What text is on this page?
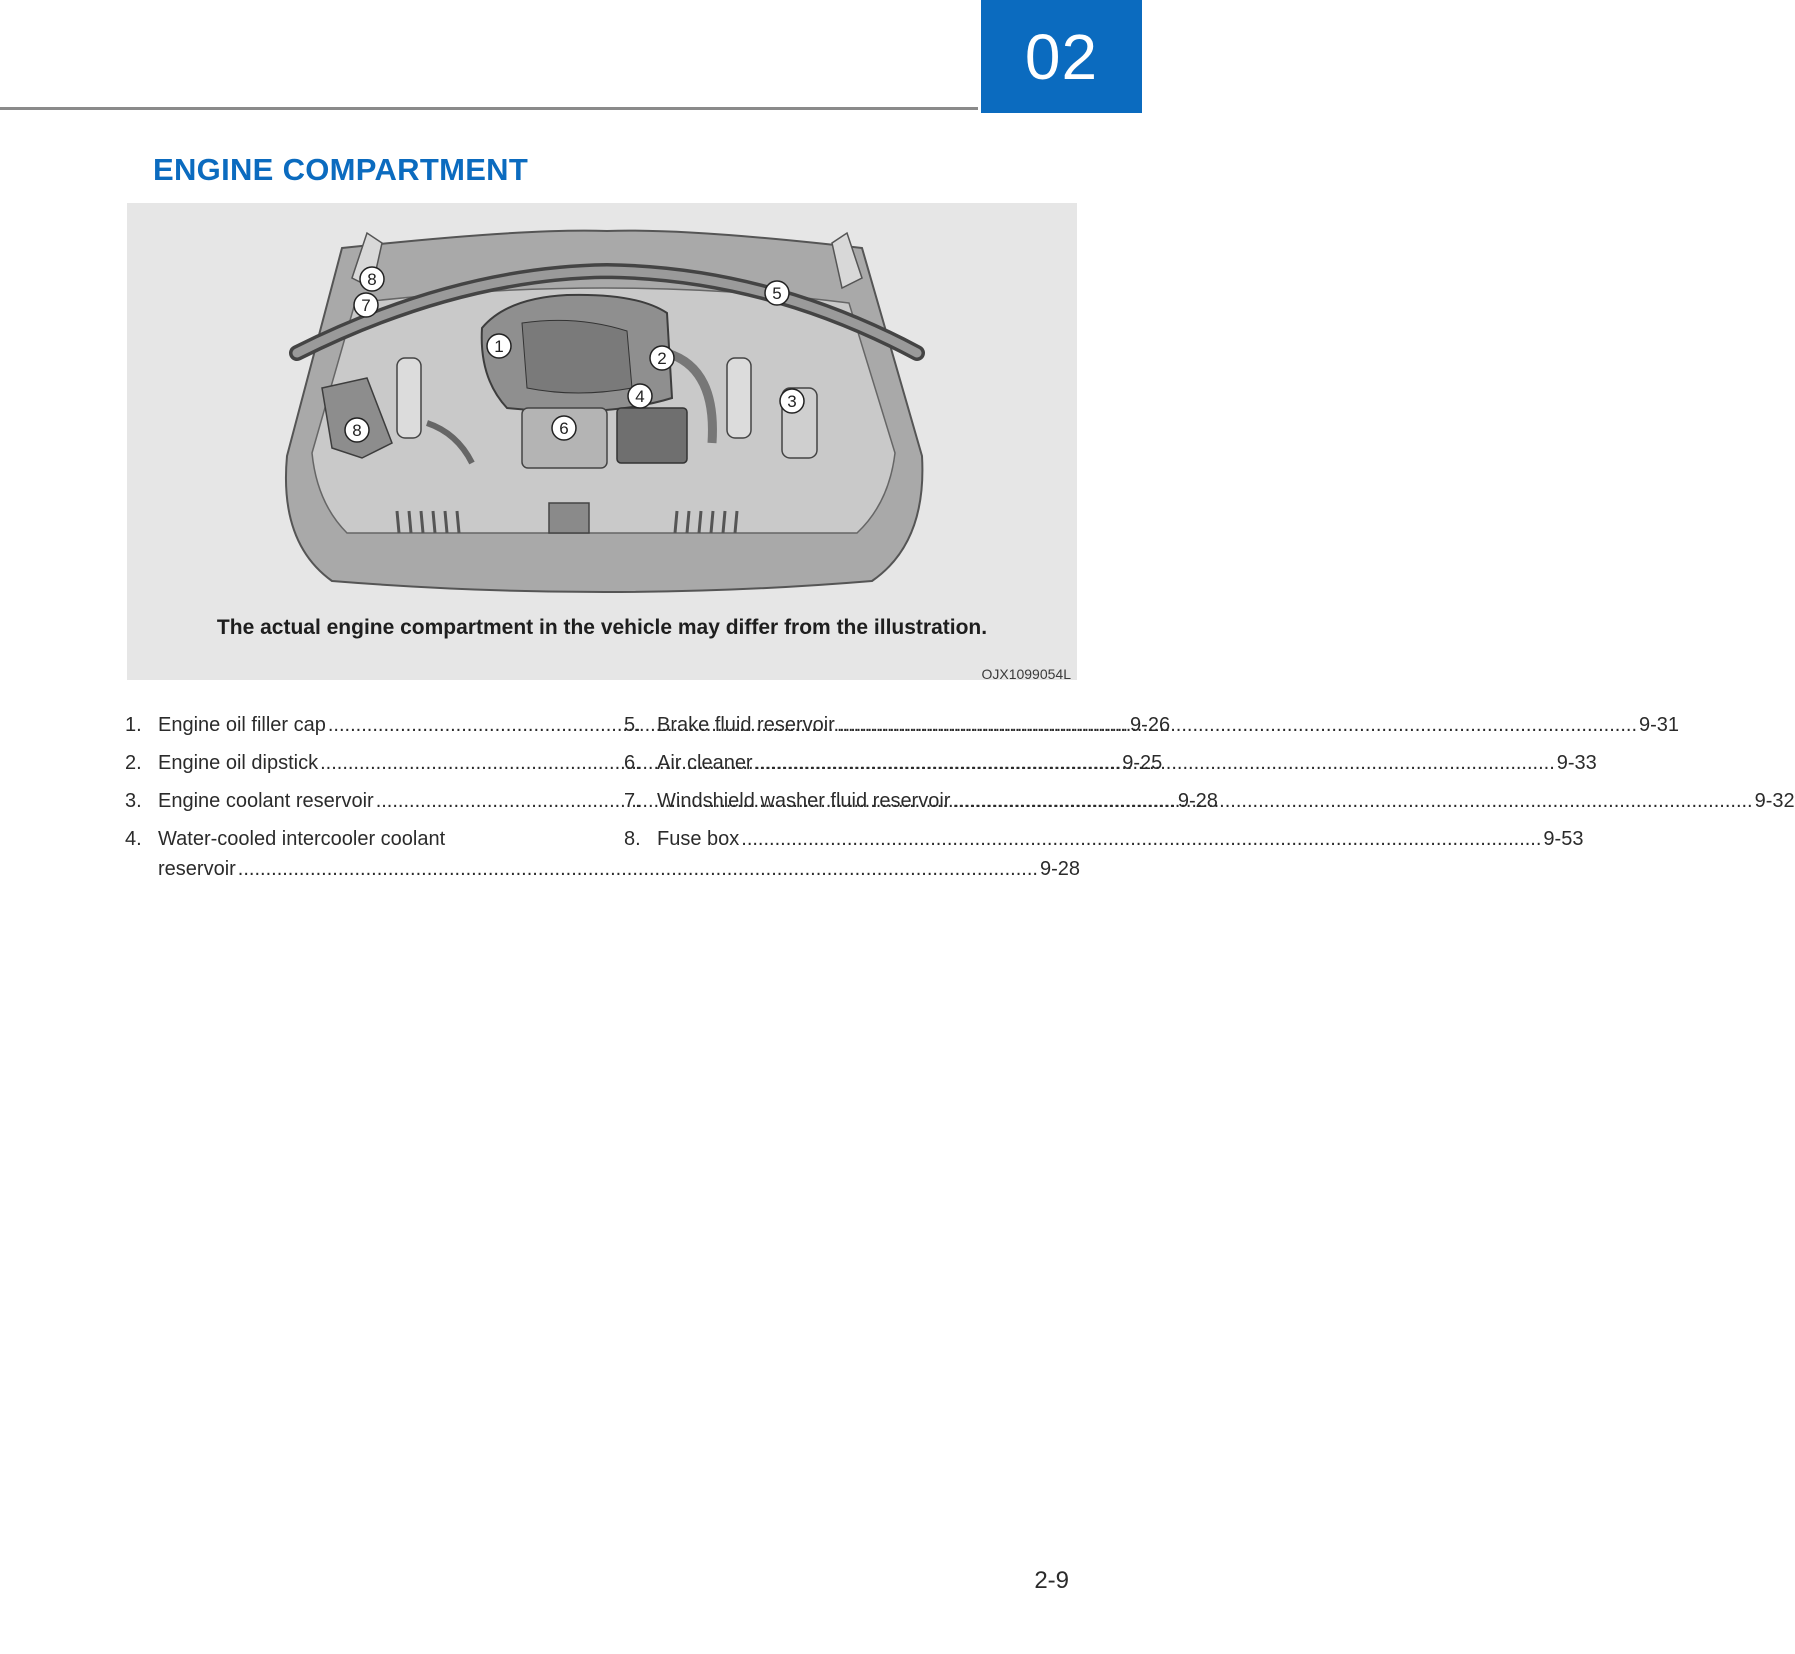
02
ENGINE COMPARTMENT
1
2
3
4
5
6
7
8
8
The actual engine compartment in the vehicle may differ from the illustration.
OJX1099054L
1. Engine oil filler cap .....	9-26
2. Engine oil dipstick .....	9-25
3. Engine coolant reservoir .....	9-28
4. Water-cooled intercooler coolant
reservoir .....	9-28
5. Brake fluid reservoir .....	9-31
6. Air cleaner .....	9-33
7. Windshield washer fluid reservoir .....	9-32
8. Fuse box .....	9-53
2-9
